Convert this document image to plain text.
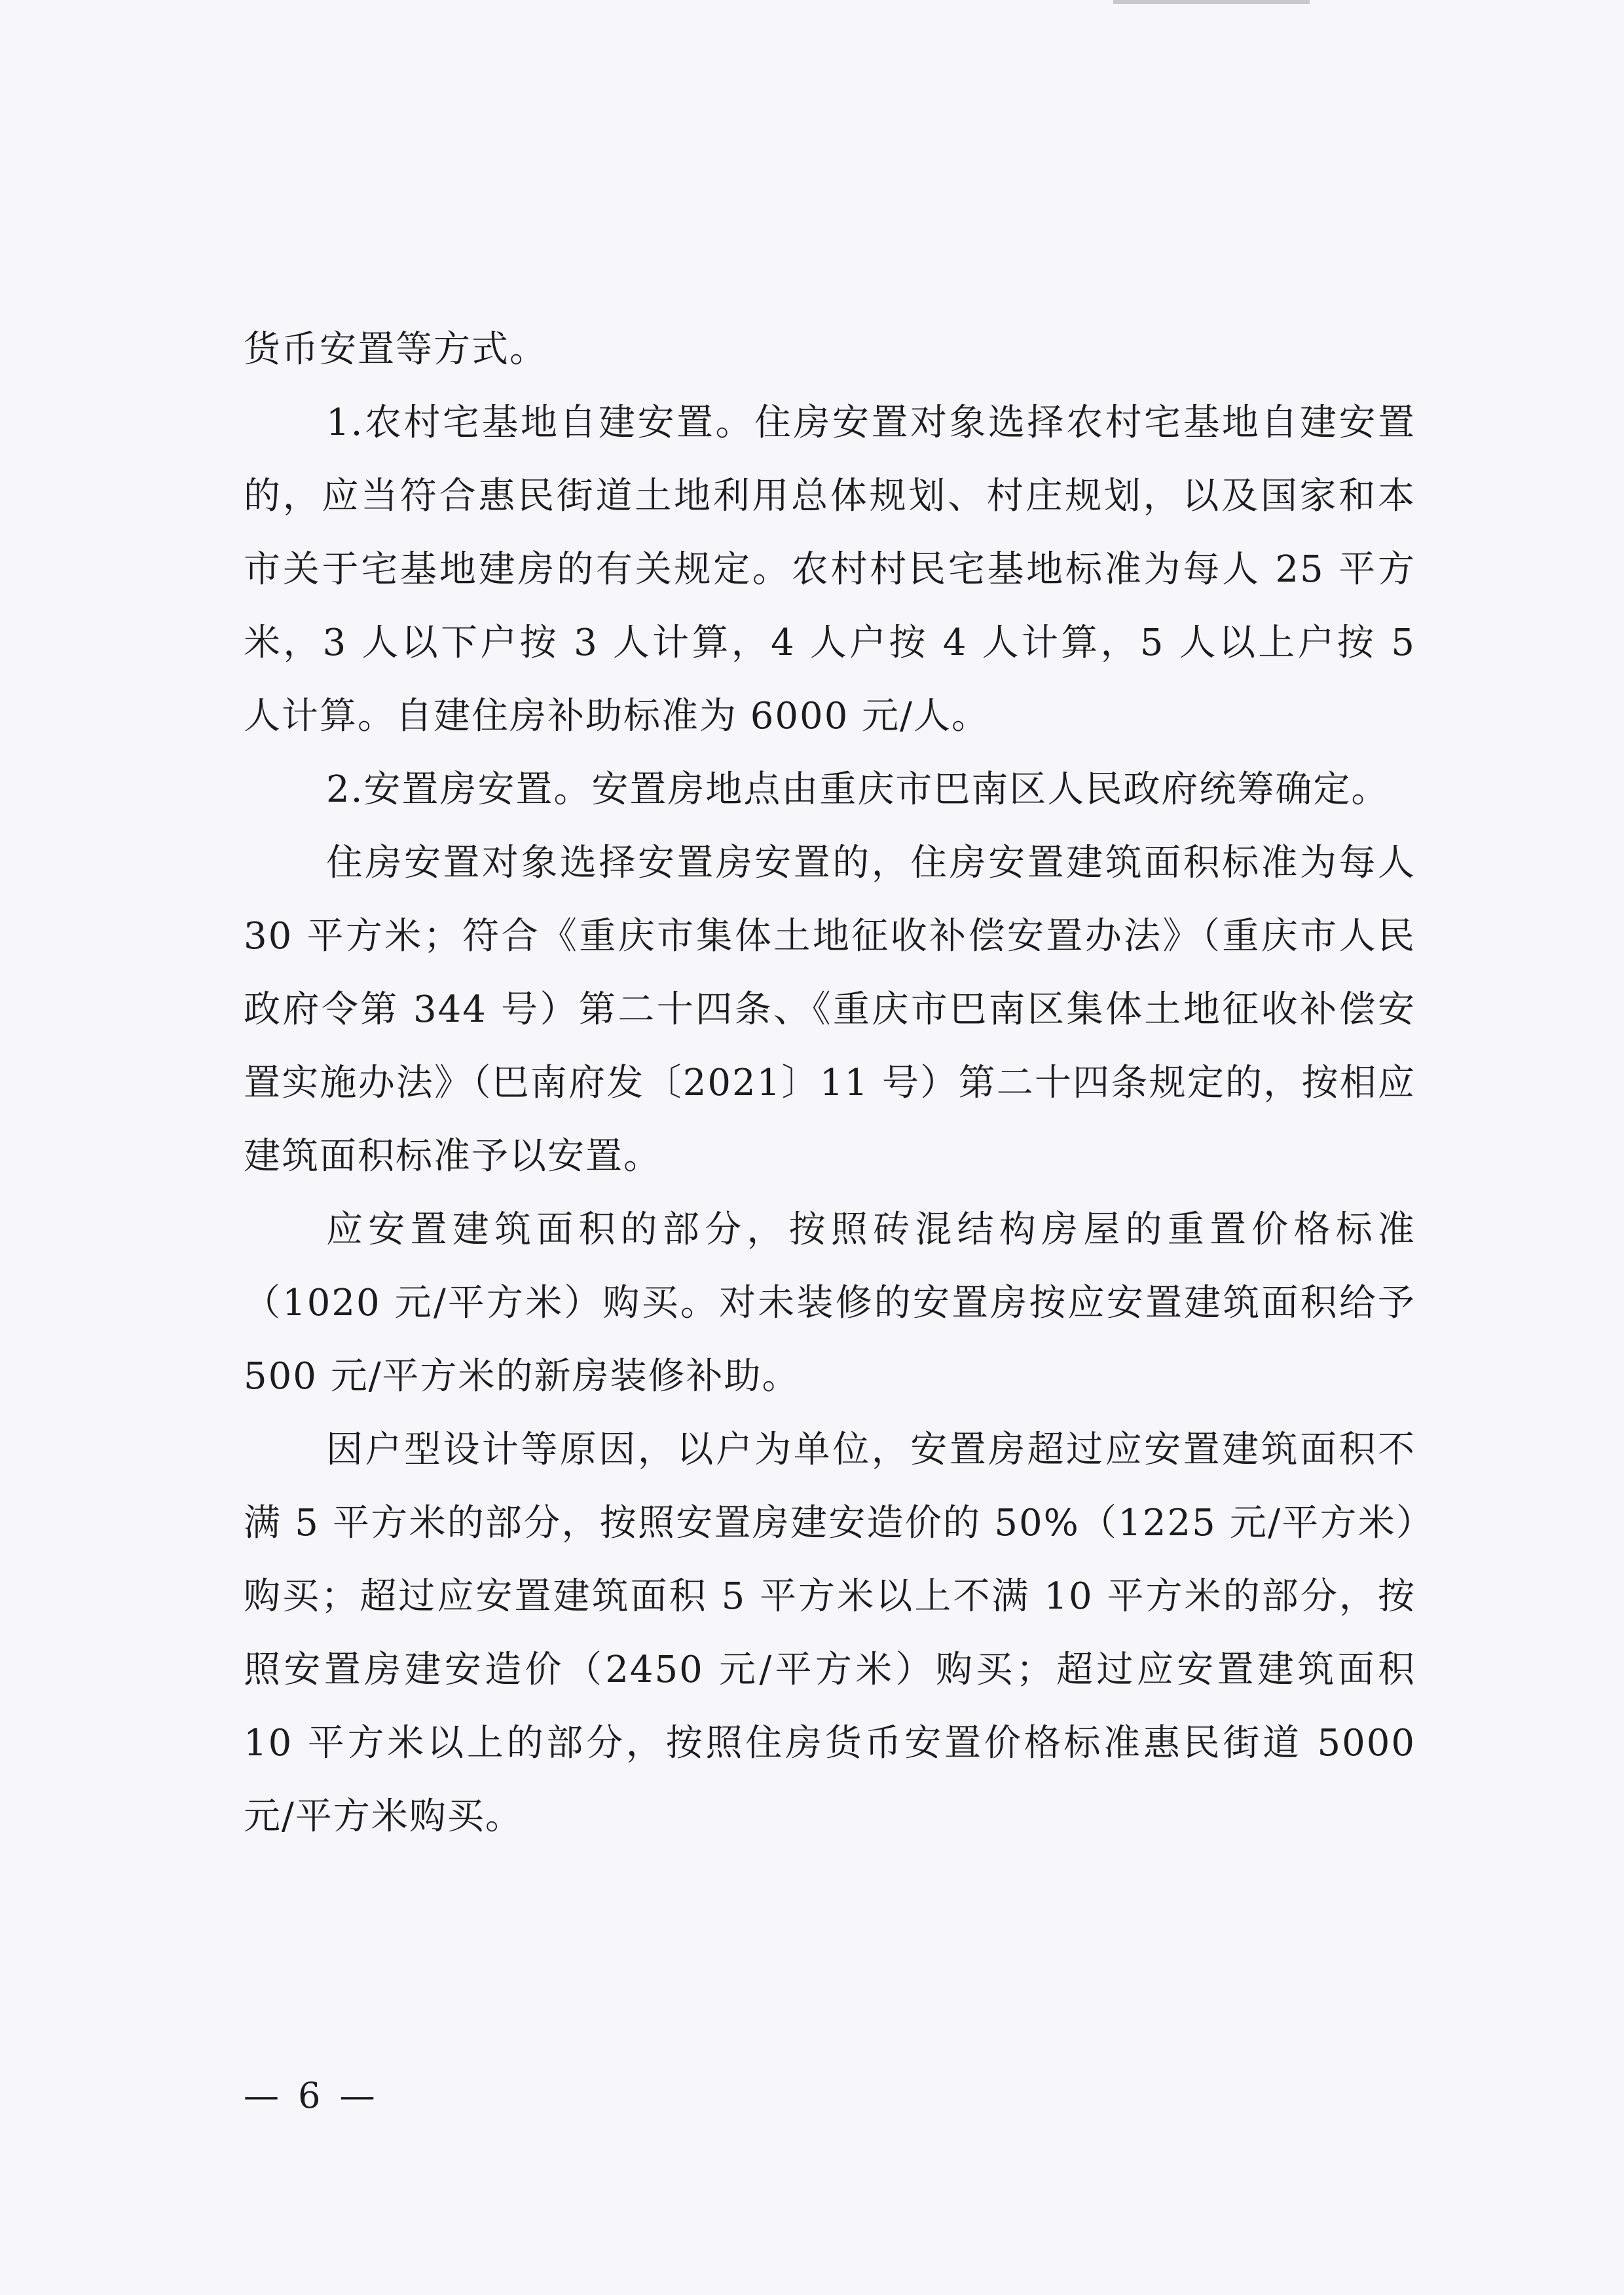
货币安置等方式。

1.农村宅基地自建安置。住房安置对象选择农村宅基地自建安置的，应当符合惠民街道土地利用总体规划、村庄规划，以及国家和本市关于宅基地建房的有关规定。农村村民宅基地标准为每人 25 平方米，3 人以下户按 3 人计算，4 人户按 4 人计算，5 人以上户按 5 人计算。自建住房补助标准为 6000 元/人。

2.安置房安置。安置房地点由重庆市巴南区人民政府统筹确定。

住房安置对象选择安置房安置的，住房安置建筑面积标准为每人 30 平方米；符合《重庆市集体土地征收补偿安置办法》（重庆市人民政府令第 344 号）第二十四条、《重庆市巴南区集体土地征收补偿安置实施办法》（巴南府发〔2021〕11 号）第二十四条规定的，按相应建筑面积标准予以安置。

应安置建筑面积的部分，按照砖混结构房屋的重置价格标准（1020 元/平方米）购买。对未装修的安置房按应安置建筑面积给予 500 元/平方米的新房装修补助。

因户型设计等原因，以户为单位，安置房超过应安置建筑面积不满 5 平方米的部分，按照安置房建安造价的 50%（1225 元/平方米）购买；超过应安置建筑面积 5 平方米以上不满 10 平方米的部分，按照安置房建安造价（2450 元/平方米）购买；超过应安置建筑面积 10 平方米以上的部分，按照住房货币安置价格标准惠民街道 5000 元/平方米购买。

— 6 —
